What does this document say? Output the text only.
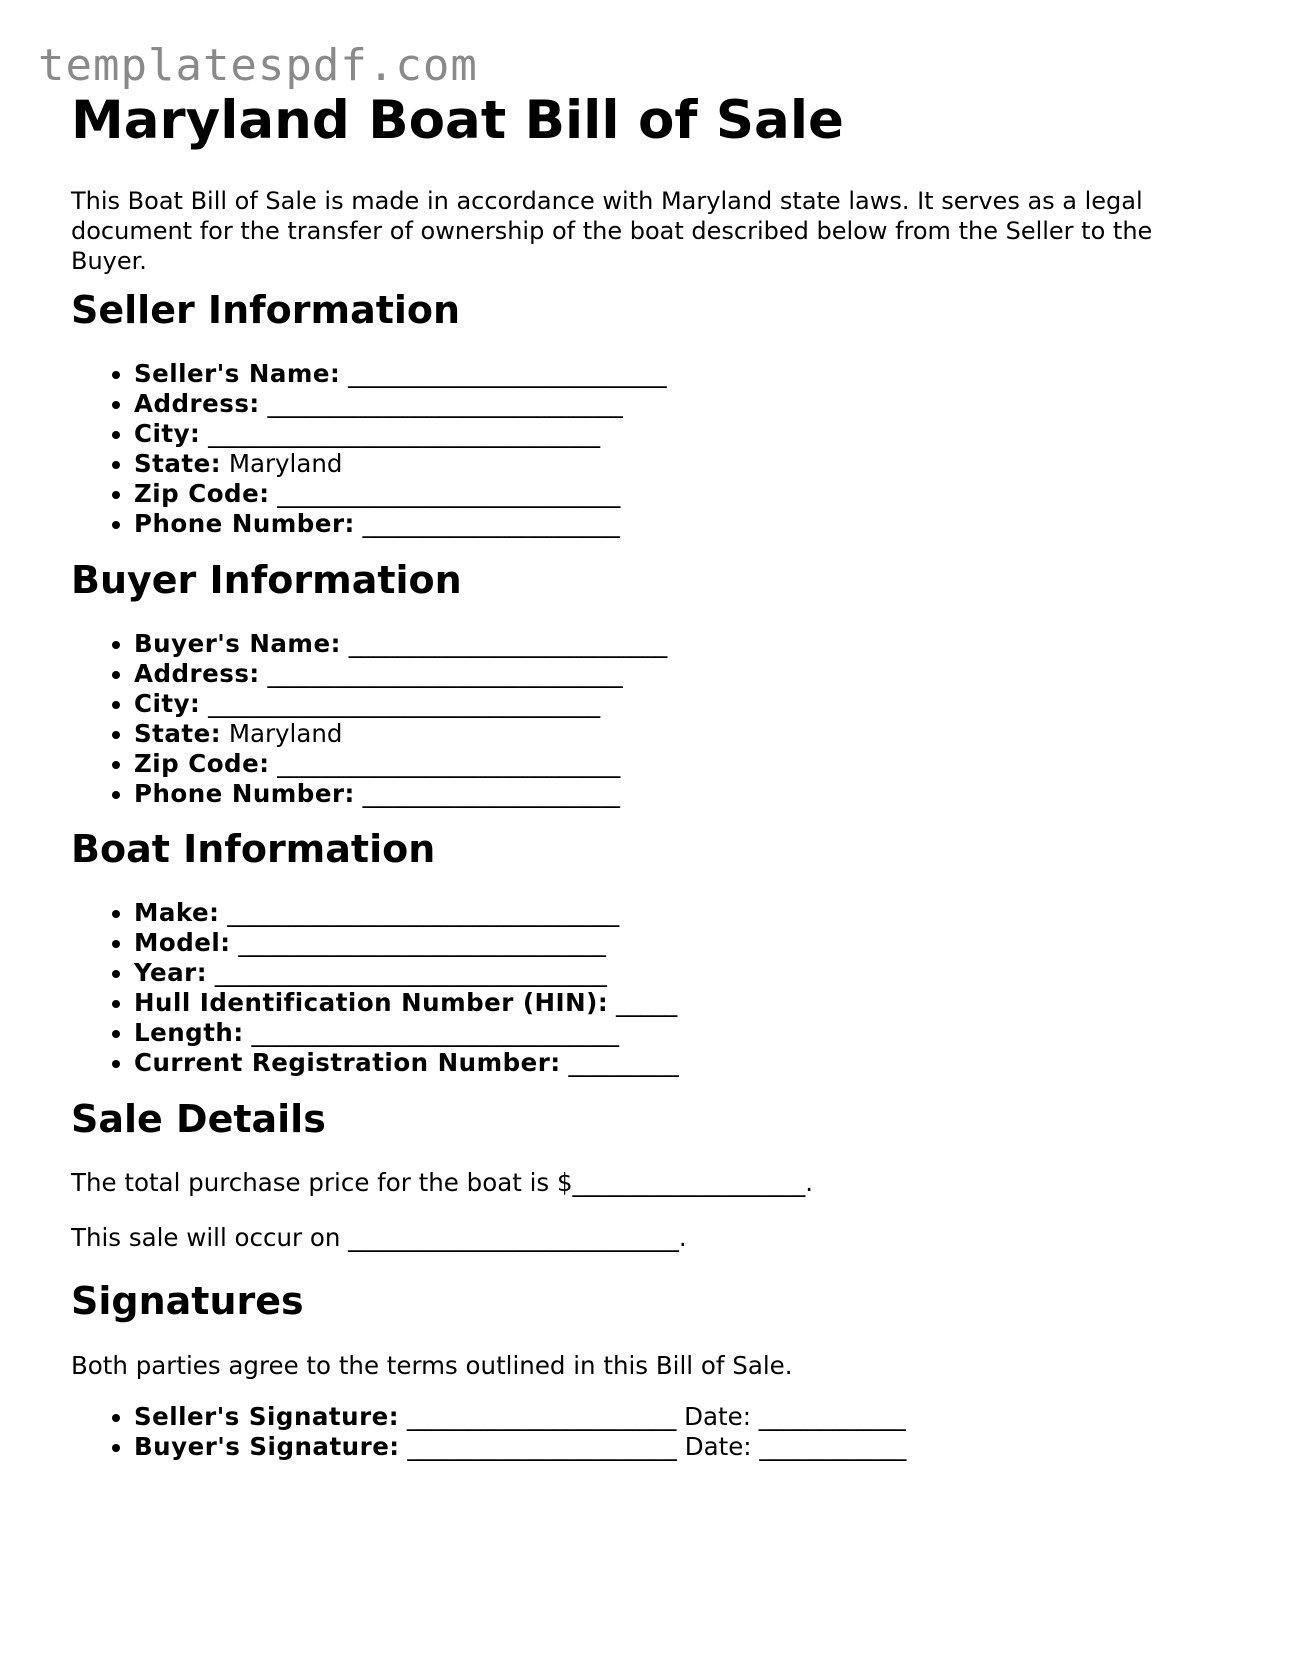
templatespdf.com
Maryland Boat Bill of Sale

This Boat Bill of Sale is made in accordance with Maryland state laws. It serves as a legal document for the transfer of ownership of the boat described below from the Seller to the Buyer.

Seller Information
• Seller's Name: __________________________
• Address: _____________________________
• City: ________________________________
• State: Maryland
• Zip Code: ____________________________
• Phone Number: _____________________
Buyer Information
• Buyer's Name: __________________________
• Address: _____________________________
• City: ________________________________
• State: Maryland
• Zip Code: ____________________________
• Phone Number: _____________________
Boat Information
• Make: ________________________________
• Model: ______________________________
• Year: ________________________________
• Hull Identification Number (HIN): _____
• Length: ______________________________
• Current Registration Number: _________
Sale Details

The total purchase price for the boat is $___________________.

This sale will occur on ___________________________.

Signatures

Both parties agree to the terms outlined in this Bill of Sale.

• Seller's Signature: ______________________ Date: ____________
• Buyer's Signature: ______________________ Date: ____________
